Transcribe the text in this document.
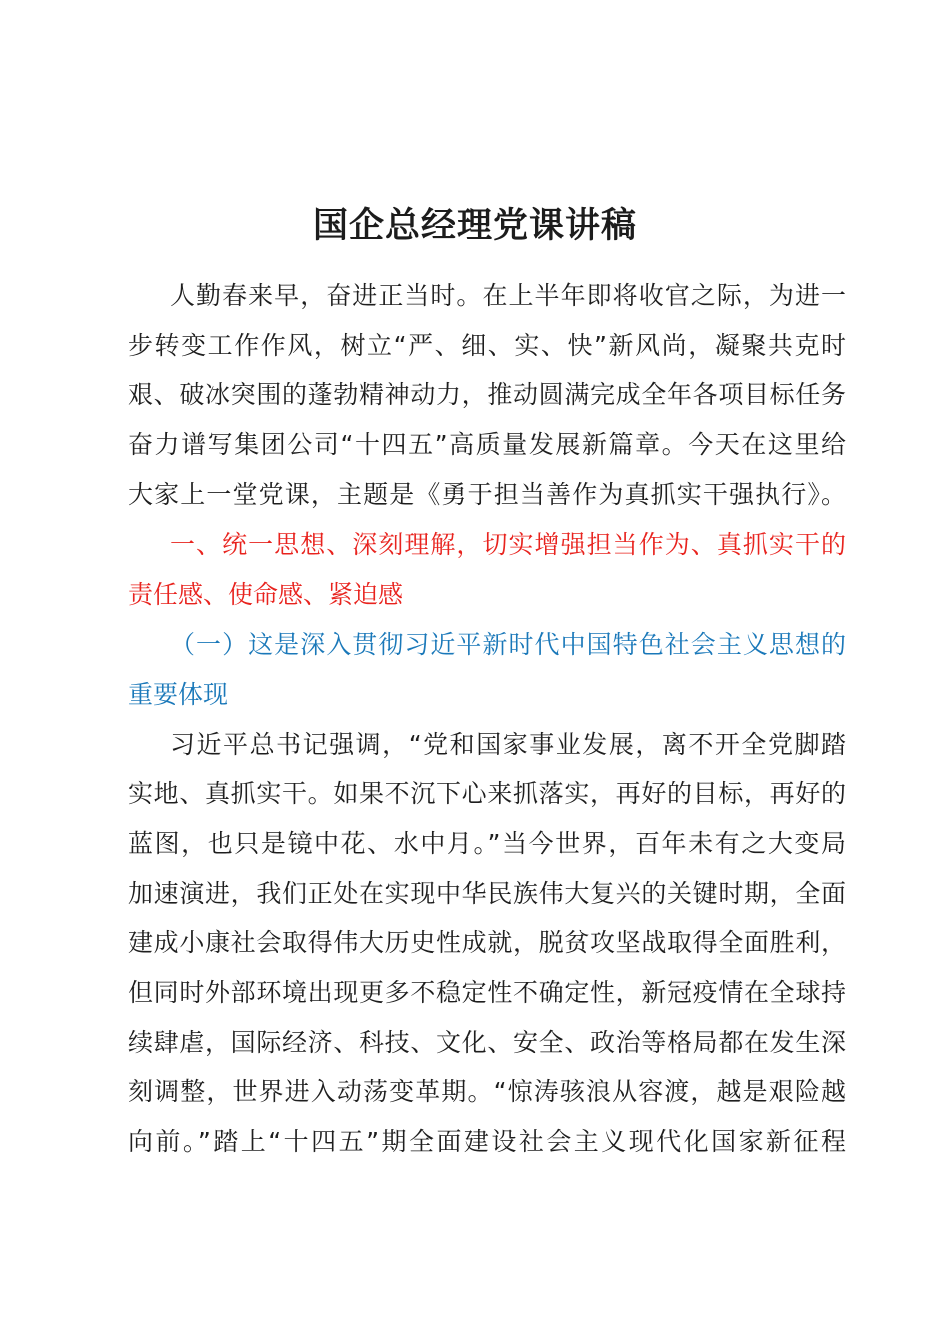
国企总经理党课讲稿
人勤春来早，奋进正当时。在上半年即将收官之际，为进一
步转变工作作风，树立“严、细、实、快”新风尚，凝聚共克时
艰、破冰突围的蓬勃精神动力，推动圆满完成全年各项目标任务
奋力谱写集团公司“十四五”高质量发展新篇章。今天在这里给
大家上一堂党课，主题是《勇于担当善作为真抓实干强执行》。
一、统一思想、深刻理解，切实增强担当作为、真抓实干的
责任感、使命感、紧迫感
（一）这是深入贯彻习近平新时代中国特色社会主义思想的
重要体现
习近平总书记强调，“党和国家事业发展，离不开全党脚踏
实地、真抓实干。如果不沉下心来抓落实，再好的目标，再好的
蓝图，也只是镜中花、水中月。”当今世界，百年未有之大变局
加速演进，我们正处在实现中华民族伟大复兴的关键时期，全面
建成小康社会取得伟大历史性成就，脱贫攻坚战取得全面胜利，
但同时外部环境出现更多不稳定性不确定性，新冠疫情在全球持
续肆虐，国际经济、科技、文化、安全、政治等格局都在发生深
刻调整，世界进入动荡变革期。“惊涛骇浪从容渡，越是艰险越
向前。”踏上“十四五”期全面建设社会主义现代化国家新征程
